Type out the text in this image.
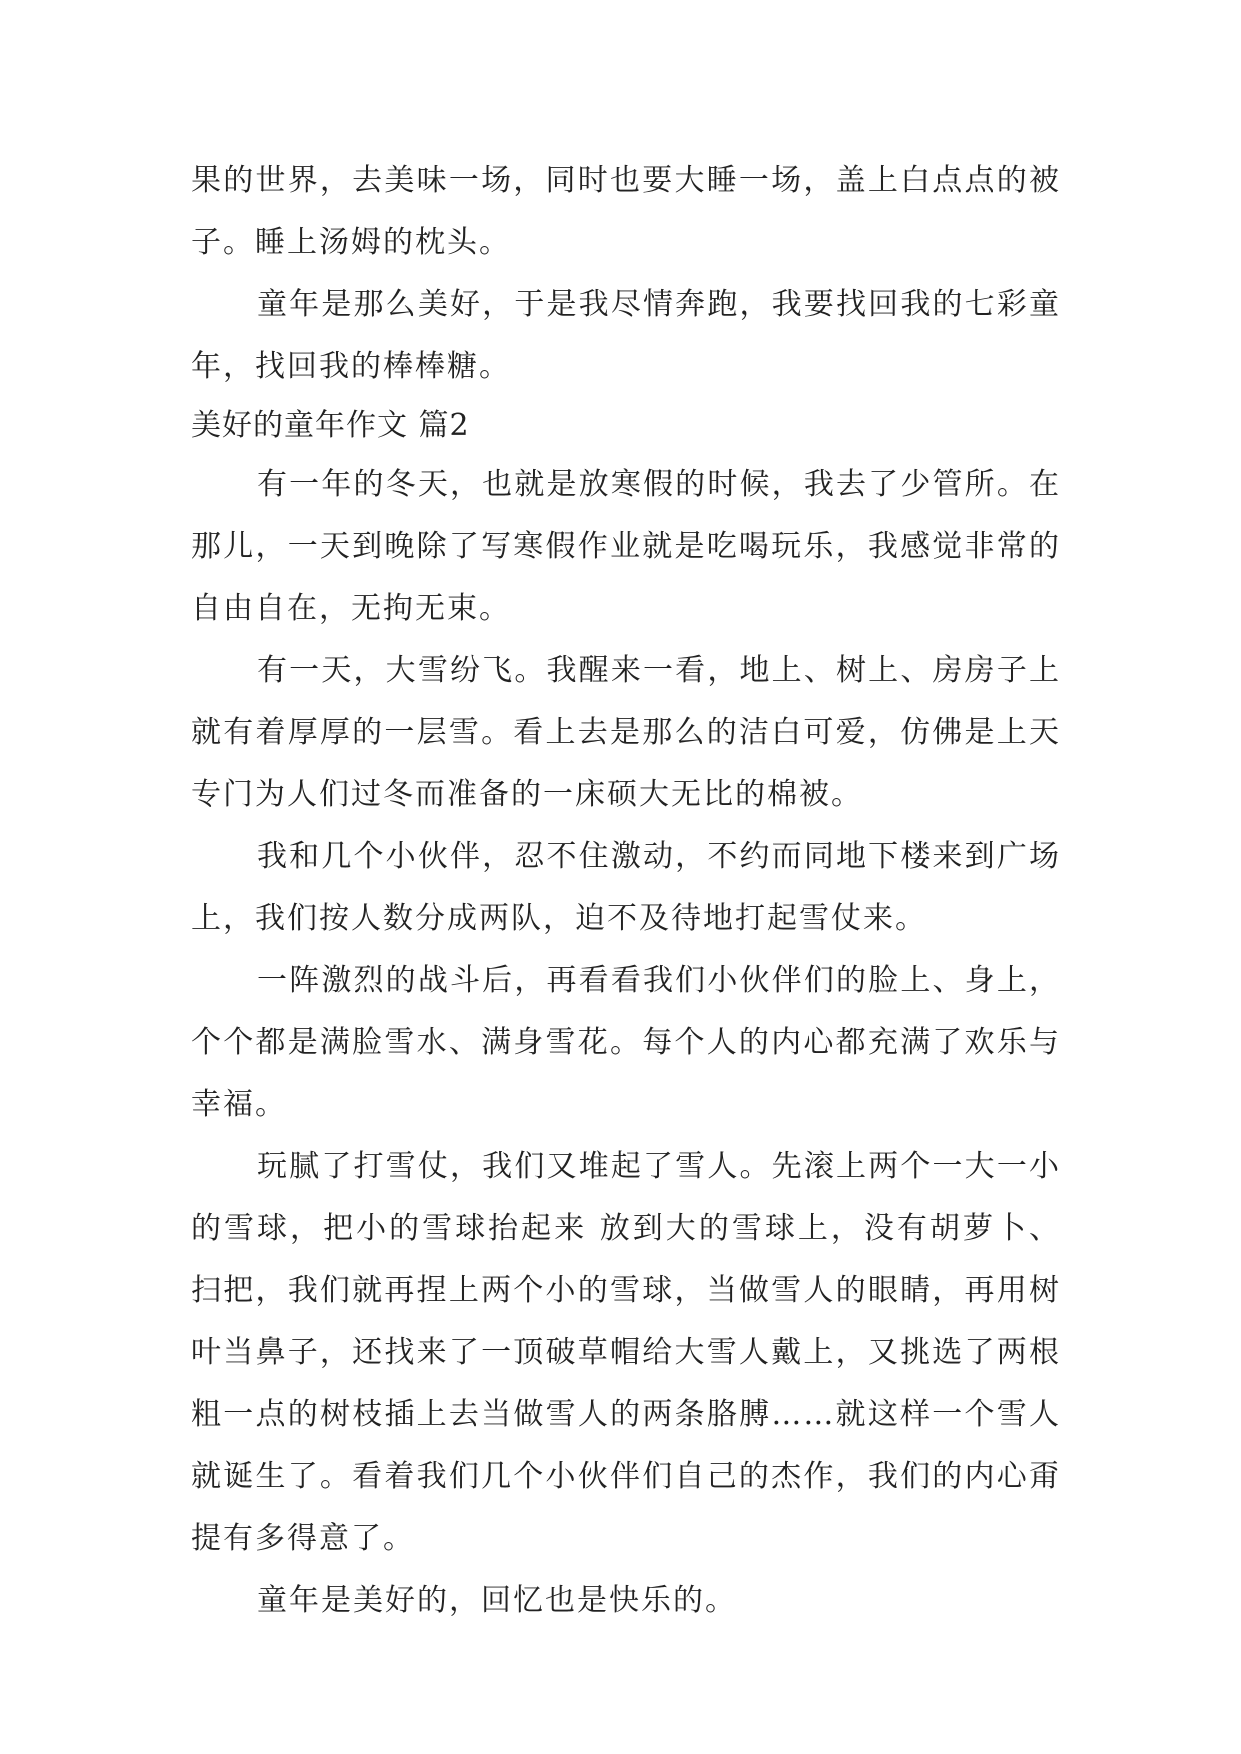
果的世界，去美味一场，同时也要大睡一场，盖上白点点的被子。睡上汤姆的枕头。

童年是那么美好，于是我尽情奔跑，我要找回我的七彩童年，找回我的棒棒糖。

美好的童年作文 篇2

有一年的冬天，也就是放寒假的时候，我去了少管所。在那儿，一天到晚除了写寒假作业就是吃喝玩乐，我感觉非常的自由自在，无拘无束。

有一天，大雪纷飞。我醒来一看，地上、树上、房房子上就有着厚厚的一层雪。看上去是那么的洁白可爱，仿佛是上天专门为人们过冬而准备的一床硕大无比的棉被。

我和几个小伙伴，忍不住激动，不约而同地下楼来到广场上，我们按人数分成两队，迫不及待地打起雪仗来。

一阵激烈的战斗后，再看看我们小伙伴们的脸上、身上，个个都是满脸雪水、满身雪花。每个人的内心都充满了欢乐与幸福。

玩腻了打雪仗，我们又堆起了雪人。先滚上两个一大一小的雪球，把小的雪球抬起来 放到大的雪球上，没有胡萝卜、扫把，我们就再捏上两个小的雪球，当做雪人的眼睛，再用树叶当鼻子，还找来了一顶破草帽给大雪人戴上，又挑选了两根粗一点的树枝插上去当做雪人的两条胳膊……就这样一个雪人就诞生了。看着我们几个小伙伴们自己的杰作，我们的内心甭提有多得意了。

童年是美好的，回忆也是快乐的。
